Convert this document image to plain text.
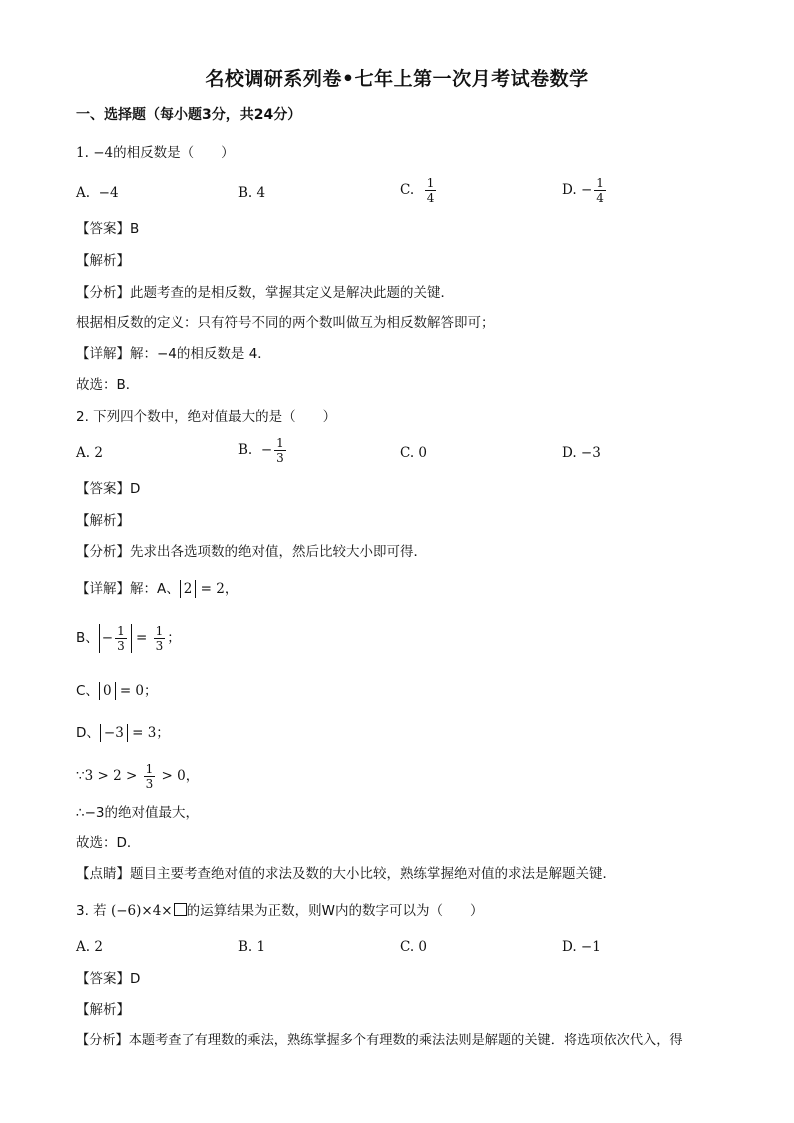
名校调研系列卷•七年上第一次月考试卷数学
一、选择题（每小题3分，共24分）
1. −4的相反数是（　　）
A. −4	B. 4	C. $\frac{1}{4}$	D. − $\frac{1}{4}$
【答案】B
【解析】
【分析】此题考查的是相反数，掌握其定义是解决此题的关键．
根据相反数的定义：只有符号不同的两个数叫做互为相反数解答即可；
【详解】解：−4的相反数是 4．
故选：B．
2. 下列四个数中，绝对值最大的是（　　）
A. 2	B. − $\frac{1}{3}$	C. 0	D. −3
【答案】D
【解析】
【分析】先求出各选项数的绝对值，然后比较大小即可得．
【详解】解：A、 2 = 2，
B、 − $\frac{1}{3} = \frac{1}{3}$ ；
C、 0 = 0；
D、 −3 = 3；
∵3 > $2 > \frac{1}{3} > 0$，
∴−3的绝对值最大，
故选：D．
【点睛】题目主要考查绝对值的求法及数的大小比较，熟练掌握绝对值的求法是解题关键．
3. 若 (−6)×4× 的运算结果为正数，则W内的数字可以为（　　）
A. 2	B. 1	C. 0	D. −1
【答案】D
【解析】
【分析】本题考查了有理数的乘法，熟练掌握多个有理数的乘法法则是解题的关键．将选项依次代入，得
